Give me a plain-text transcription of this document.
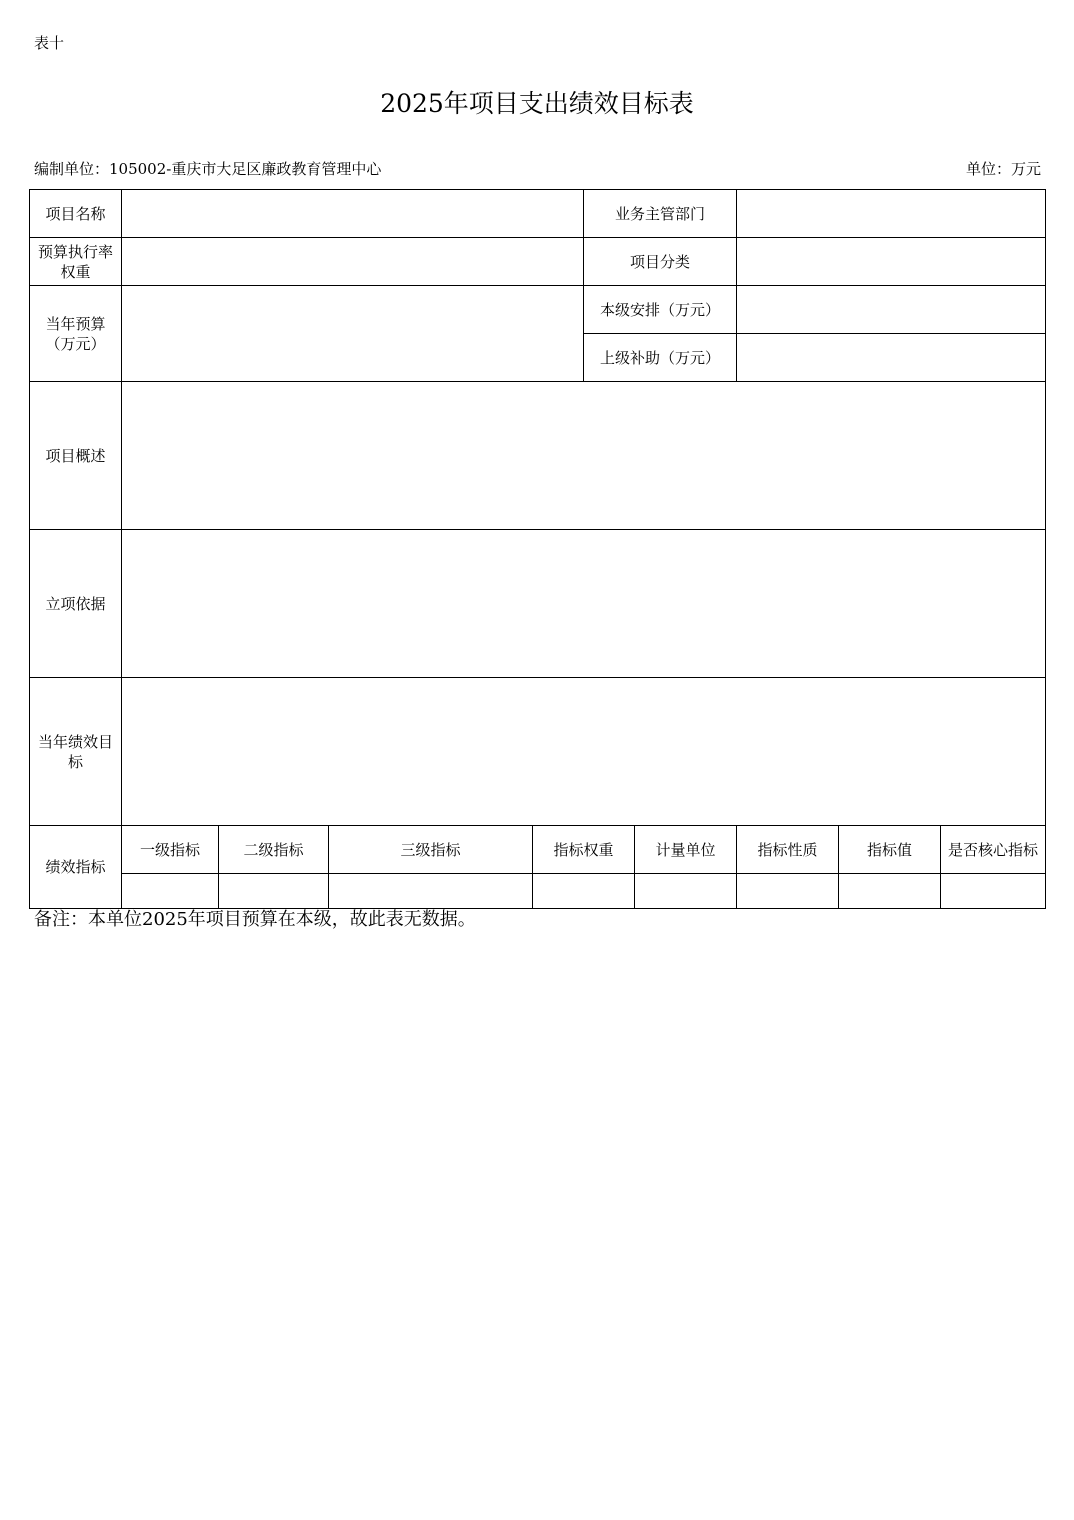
表十
2025年项目支出绩效目标表
编制单位：105002-重庆市大足区廉政教育管理中心	单位：万元
项目名称					业务主管部门				
预算执行率权重					项目分类				
当年预算（万元）					本级安排（万元）				
					上级补助（万元）				
项目概述									
立项依据									
当年绩效目标									
绩效指标	一级指标	二级指标	三级指标	指标权重		计量单位	指标性质	指标值	是否核心指标

备注：本单位2025年项目预算在本级，故此表无数据。
